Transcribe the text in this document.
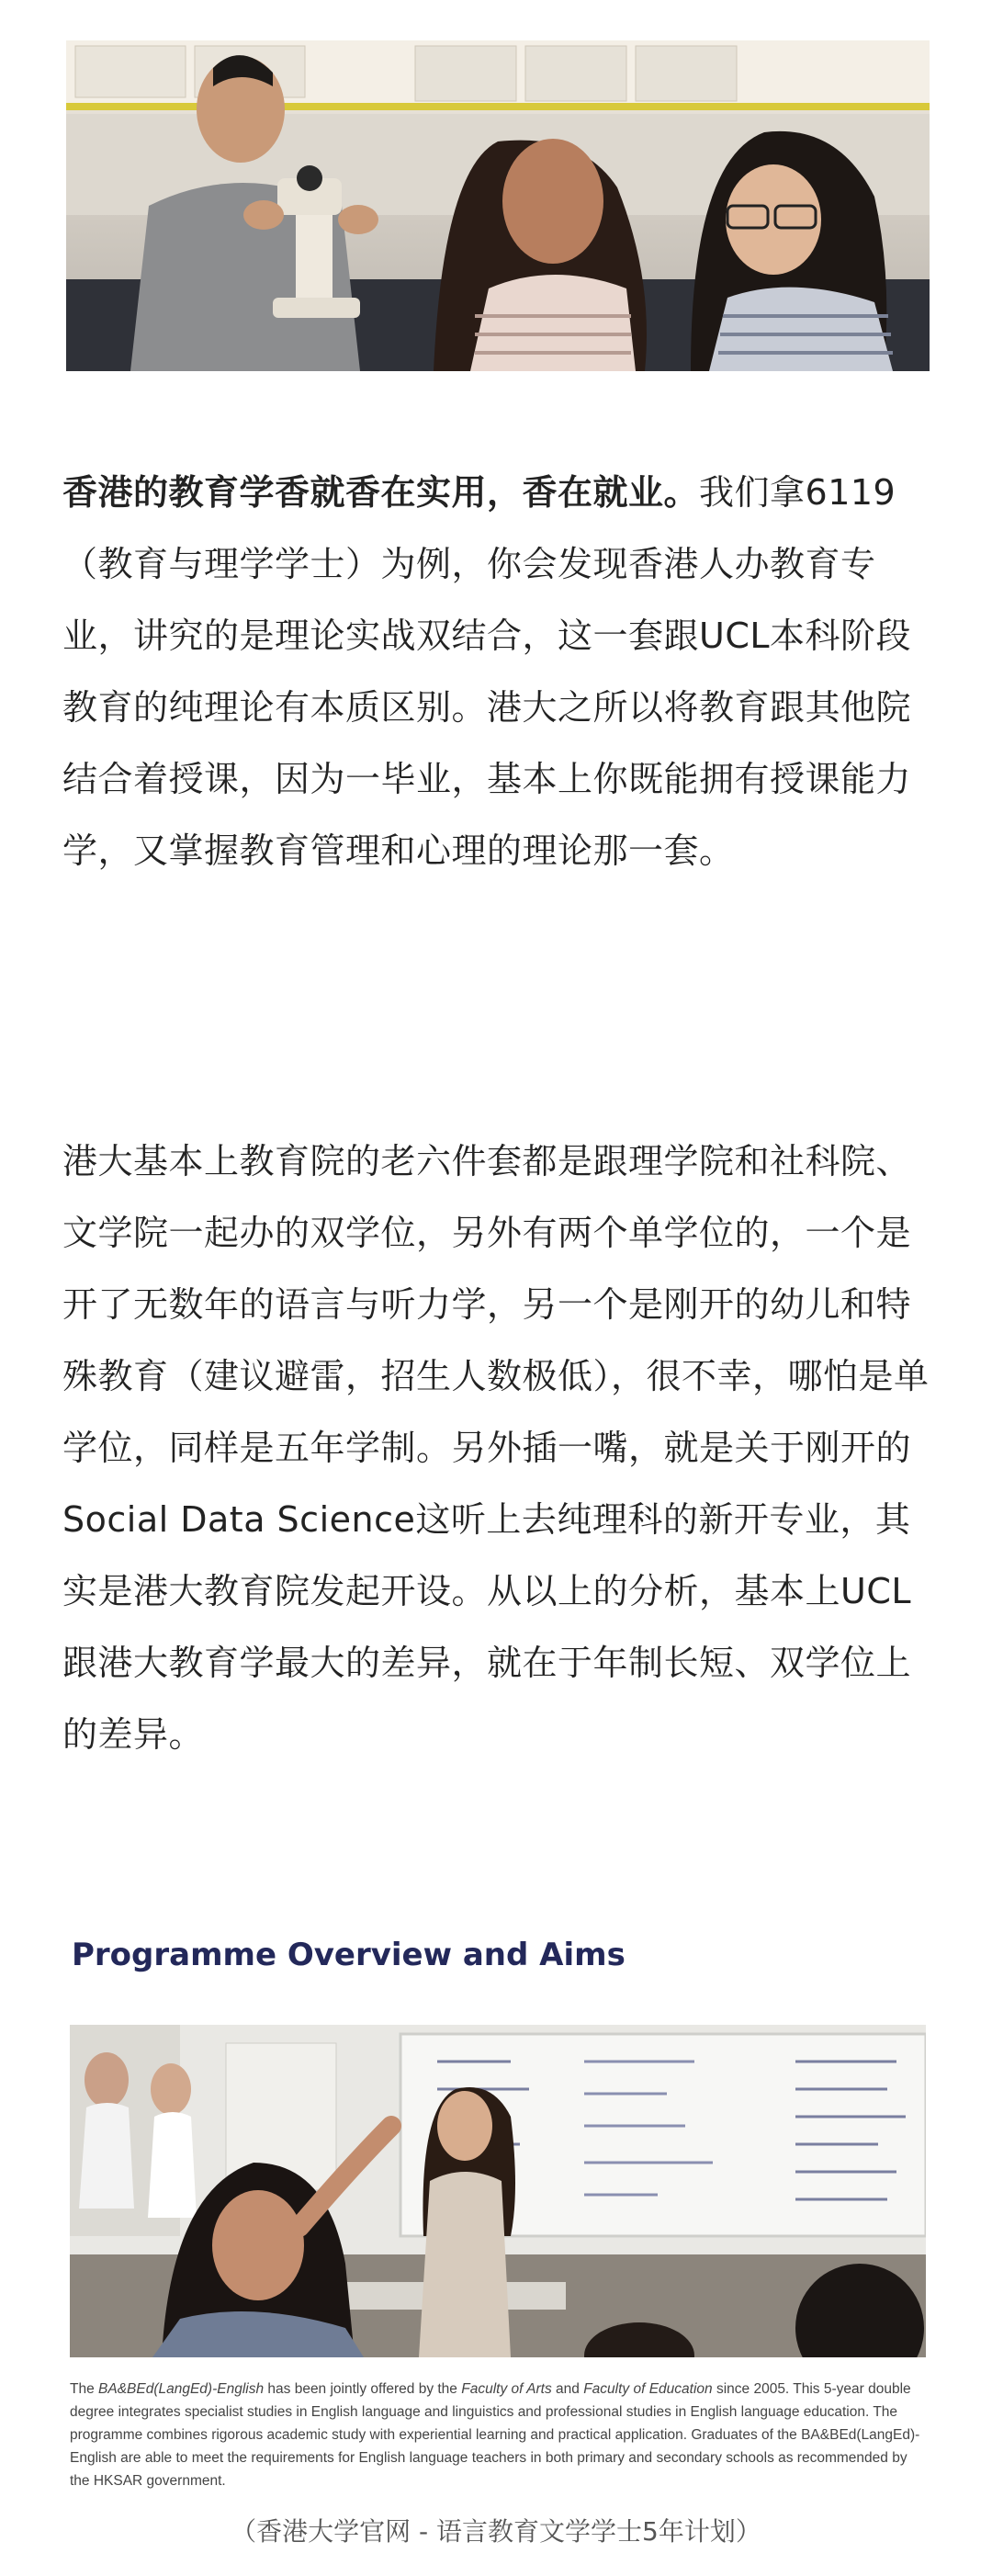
香港的教育学香就香在实用，香在就业。我们拿6119（教育与理学学士）为例，你会发现香港人办教育专业，讲究的是理论实战双结合，这一套跟UCL本科阶段教育的纯理论有本质区别。港大之所以将教育跟其他院结合着授课，因为一毕业，基本上你既能拥有授课能力学，又掌握教育管理和心理的理论那一套。

港大基本上教育院的老六件套都是跟理学院和社科院、文学院一起办的双学位，另外有两个单学位的，一个是开了无数年的语言与听力学，另一个是刚开的幼儿和特殊教育（建议避雷，招生人数极低），很不幸，哪怕是单学位，同样是五年学制。另外插一嘴，就是关于刚开的Social Data Science这听上去纯理科的新开专业，其实是港大教育院发起开设。从以上的分析，基本上UCL跟港大教育学最大的差异，就在于年制长短、双学位上的差异。

Programme Overview and Aims

The BA&BEd(LangEd)-English has been jointly offered by the Faculty of Arts and Faculty of Education since 2005. This 5-year double degree integrates specialist studies in English language and linguistics and professional studies in English language education. The programme combines rigorous academic study with experiential learning and practical application. Graduates of the BA&BEd(LangEd)-English are able to meet the requirements for English language teachers in both primary and secondary schools as recommended by the HKSAR government.

（香港大学官网 - 语言教育文学学士5年计划）
